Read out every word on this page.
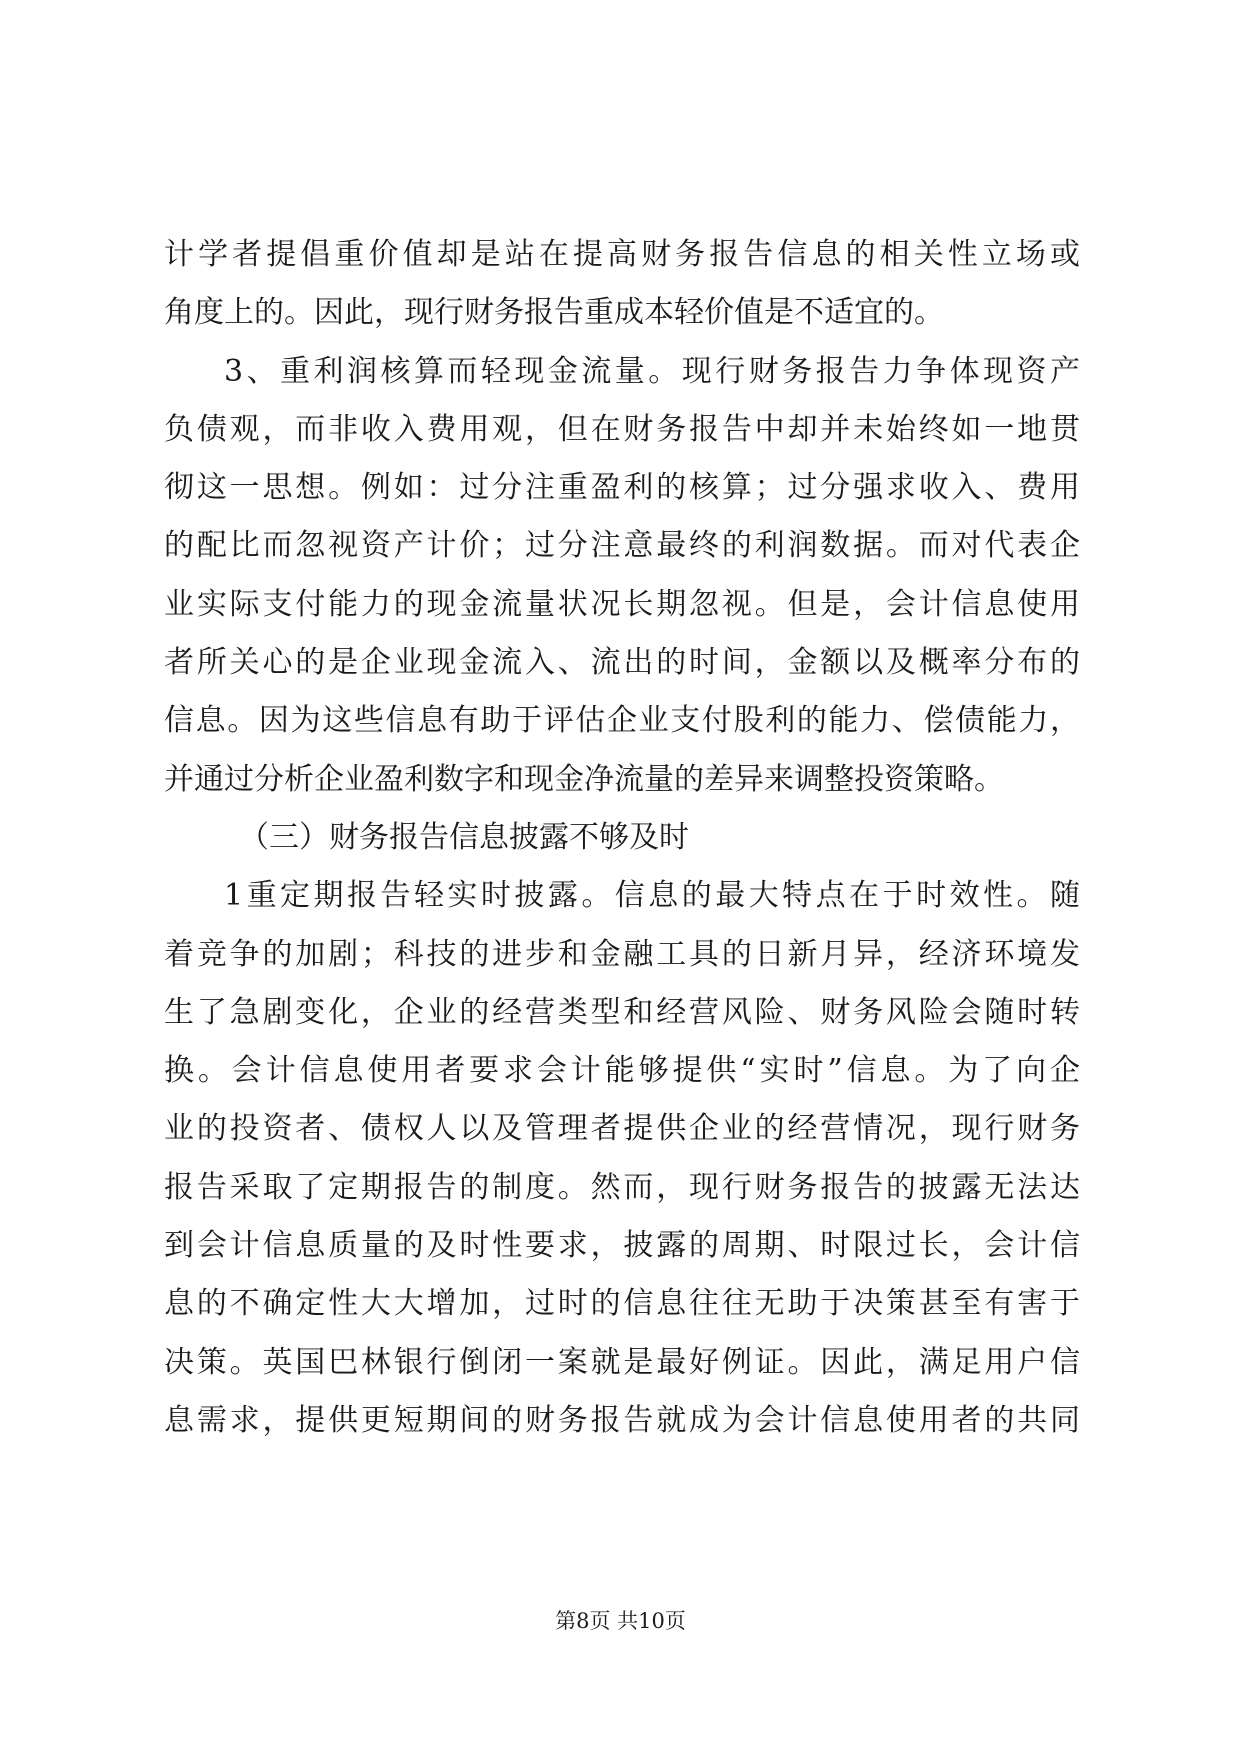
计学者提倡重价值却是站在提高财务报告信息的相关性立场或
角度上的。因此，现行财务报告重成本轻价值是不适宜的。
3、重利润核算而轻现金流量。现行财务报告力争体现资产
负债观，而非收入费用观，但在财务报告中却并未始终如一地贯
彻这一思想。例如：过分注重盈利的核算；过分强求收入、费用
的配比而忽视资产计价；过分注意最终的利润数据。而对代表企
业实际支付能力的现金流量状况长期忽视。但是，会计信息使用
者所关心的是企业现金流入、流出的时间，金额以及概率分布的
信息。因为这些信息有助于评估企业支付股利的能力、偿债能力，
并通过分析企业盈利数字和现金净流量的差异来调整投资策略。
（三）财务报告信息披露不够及时
1重定期报告轻实时披露。信息的最大特点在于时效性。随
着竞争的加剧；科技的进步和金融工具的日新月异，经济环境发
生了急剧变化，企业的经营类型和经营风险、财务风险会随时转
换。会计信息使用者要求会计能够提供“实时”信息。为了向企
业的投资者、债权人以及管理者提供企业的经营情况，现行财务
报告采取了定期报告的制度。然而，现行财务报告的披露无法达
到会计信息质量的及时性要求，披露的周期、时限过长，会计信
息的不确定性大大增加，过时的信息往往无助于决策甚至有害于
决策。英国巴林银行倒闭一案就是最好例证。因此，满足用户信
息需求，提供更短期间的财务报告就成为会计信息使用者的共同
第8页 共10页
